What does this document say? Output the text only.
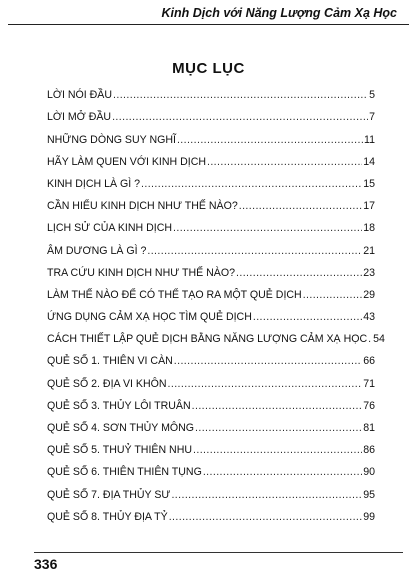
Kinh Dịch với Năng Lượng Cảm Xạ Học
MỤC LỤC
LỜI NÓI ĐẦU .....	5
LỜI MỞ ĐẦU .....	7
NHỮNG DÒNG SUY NGHĨ .....	11
HÃY LÀM QUEN VỚI KINH DỊCH .....	14
KINH DỊCH LÀ GÌ ? .....	15
CẦN HIỂU KINH DỊCH NHƯ THẾ NÀO? .....	17
LỊCH SỬ CỦA KINH DỊCH .....	18
ÂM DƯƠNG LÀ GÌ ? .....	21
TRA CỨU KINH DỊCH NHƯ THẾ NÀO? .....	23
LÀM THẾ NÀO ĐỂ CÓ THỂ TẠO RA MỘT QUẺ DỊCH .....	29
ỨNG DỤNG CẢM XẠ HỌC TÌM QUẺ DỊCH .....	43
CÁCH THIẾT LẬP QUẺ DỊCH BẰNG NĂNG LƯỢNG CẢM XẠ HỌC ..... 54
QUẺ SỐ 1. THIÊN VI CÀN .....	66
QUẺ SỐ 2. ĐỊA VI KHÔN .....	71
QUẺ SỐ 3. THỦY LÔI TRUÂN .....	76
QUẺ SỐ 4. SƠN THỦY MÔNG .....	81
QUẺ SỐ 5. THUỶ THIÊN NHU .....	86
QUẺ SỐ 6. THIÊN THIÊN TỤNG .....	90
QUẺ SỐ 7. ĐỊA THỦY SƯ .....	95
QUẺ SỐ 8. THỦY ĐỊA TỶ .....	99
336
